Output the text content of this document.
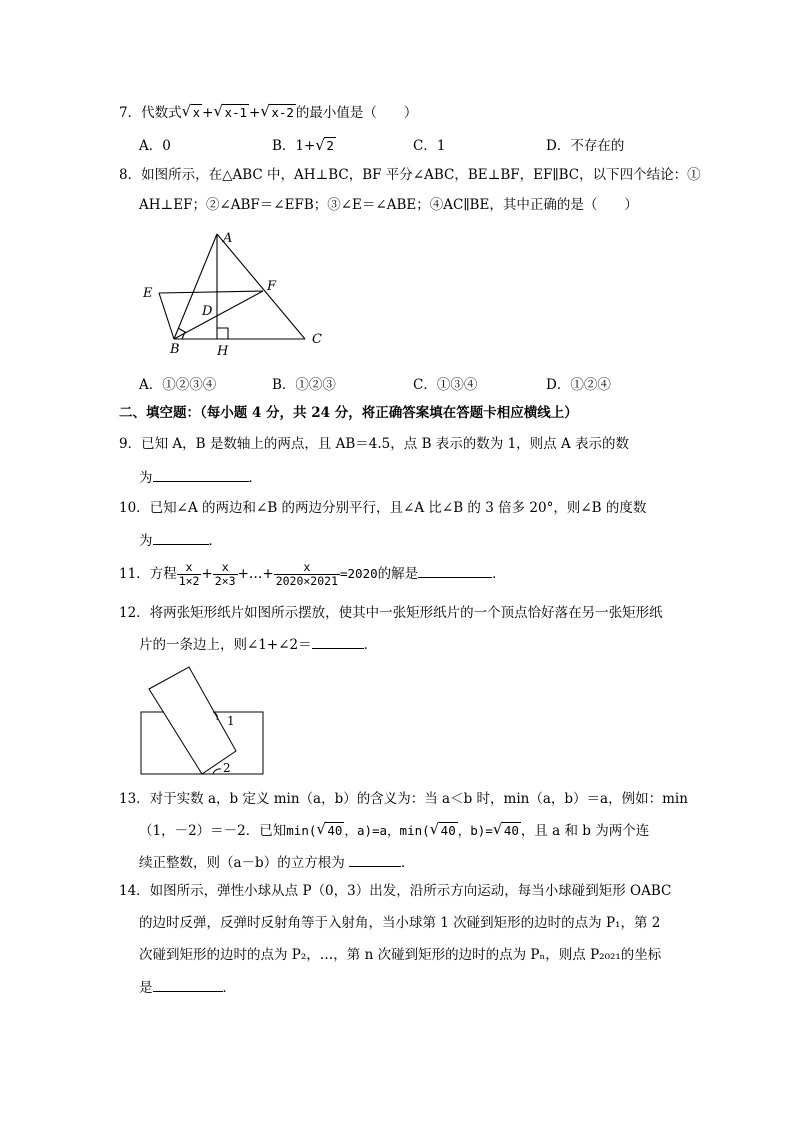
7．代数式 √ x + √ x-1 + √ x-2 的最小值是（　　）
A．0	B．1+ √ 2	C．1	D．不存在的
8．如图所示，在△ABC 中，AH⊥BC，BF 平分∠ABC，BE⊥BF，EF∥BC，以下四个结论：①
AH⊥EF；②∠ABF＝∠EFB；③∠E＝∠ABE；④AC∥BE，其中正确的是（　　）
A
E	F
D
B	H
C
A．①②③④	B．①②③	C．①③④	D．①②④
二、填空题：（每小题 4 分，共 24 分，将正确答案填在答题卡相应横线上）
9．已知 A，B 是数轴上的两点，且 AB＝4.5，点 B 表示的数为 1，则点 A 表示的数
为	．
10．已知∠A 的两边和∠B 的两边分别平行，且∠A 比∠B 的 3 倍多 20°，则∠B 的度数
为	．
11．方程 $\frac{x}{1\times 2} + \frac{x}{2\times 3}$ +…+ $\frac{x}{2020\times 2021} =2020$的解是	．
12．将两张矩形纸片如图所示摆放，使其中一张矩形纸片的一个顶点恰好落在另一张矩形纸
片的一条边上，则∠1+∠2＝	．
1
2
13．对于实数 a，b 定义 min（a，b）的含义为：当 a＜b 时，min（a，b）＝a，例如：min
（1，－2）＝－2．已知min( √ 40 ，a)=a，min( √ 40 ，b)= √ 40 ，且 a 和 b 为两个连
续正整数，则（a－b）的立方根为	．
14．如图所示，弹性小球从点 P（0，3）出发，沿所示方向运动，每当小球碰到矩形 OABC
的边时反弹，反弹时反射角等于入射角，当小球第 1 次碰到矩形的边时的点为 P₁，第 2
次碰到矩形的边时的点为 P₂，…，第 n 次碰到矩形的边时的点为 Pₙ，则点 P₂₀₂₁的坐标
是	．
